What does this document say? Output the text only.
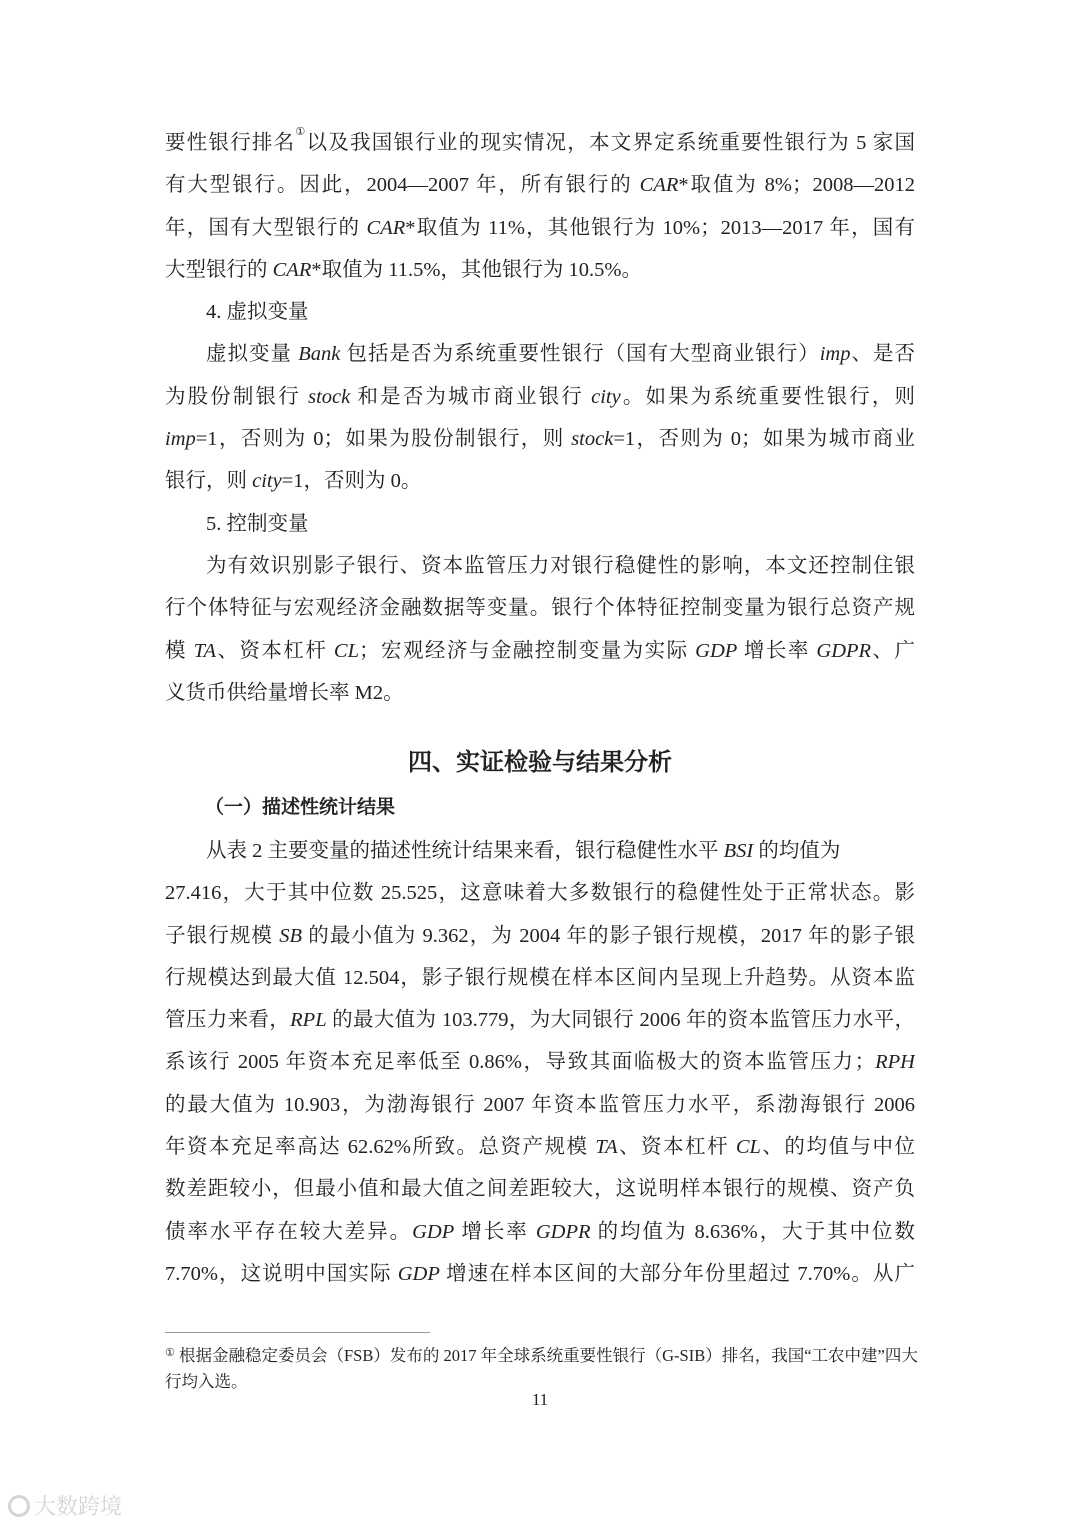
要性银行排名①以及我国银行业的现实情况，本文界定系统重要性银行为 5 家国
有大型银行。因此，2004—2007 年，所有银行的 CAR*取值为 8%；2008—2012
年，国有大型银行的 CAR*取值为 11%，其他银行为 10%；2013—2017 年，国有
大型银行的 CAR*取值为 11.5%，其他银行为 10.5%。
4. 虚拟变量
虚拟变量 Bank 包括是否为系统重要性银行（国有大型商业银行）imp、是否
为股份制银行 stock 和是否为城市商业银行 city。如果为系统重要性银行，则
imp=1，否则为 0；如果为股份制银行，则 stock=1，否则为 0；如果为城市商业
银行，则 city=1，否则为 0。
5. 控制变量
为有效识别影子银行、资本监管压力对银行稳健性的影响，本文还控制住银
行个体特征与宏观经济金融数据等变量。银行个体特征控制变量为银行总资产规
模 TA、资本杠杆 CL；宏观经济与金融控制变量为实际 GDP 增长率 GDPR、广
义货币供给量增长率 M2。
四、实证检验与结果分析
（一）描述性统计结果
从表 2 主要变量的描述性统计结果来看，银行稳健性水平 BSI 的均值为
27.416，大于其中位数 25.525，这意味着大多数银行的稳健性处于正常状态。影
子银行规模 SB 的最小值为 9.362，为 2004 年的影子银行规模，2017 年的影子银
行规模达到最大值 12.504，影子银行规模在样本区间内呈现上升趋势。从资本监
管压力来看，RPL 的最大值为 103.779，为大同银行 2006 年的资本监管压力水平，
系该行 2005 年资本充足率低至 0.86%，导致其面临极大的资本监管压力；RPH
的最大值为 10.903，为渤海银行 2007 年资本监管压力水平，系渤海银行 2006
年资本充足率高达 62.62%所致。总资产规模 TA、资本杠杆 CL、的均值与中位
数差距较小，但最小值和最大值之间差距较大，这说明样本银行的规模、资产负
债率水平存在较大差异。GDP 增长率 GDPR 的均值为 8.636%，大于其中位数
7.70%，这说明中国实际 GDP 增速在样本区间的大部分年份里超过 7.70%。从广
① 根据金融稳定委员会（FSB）发布的 2017 年全球系统重要性银行（G-SIB）排名，我国“工农中建”四大行均入选。
11
大数跨境
